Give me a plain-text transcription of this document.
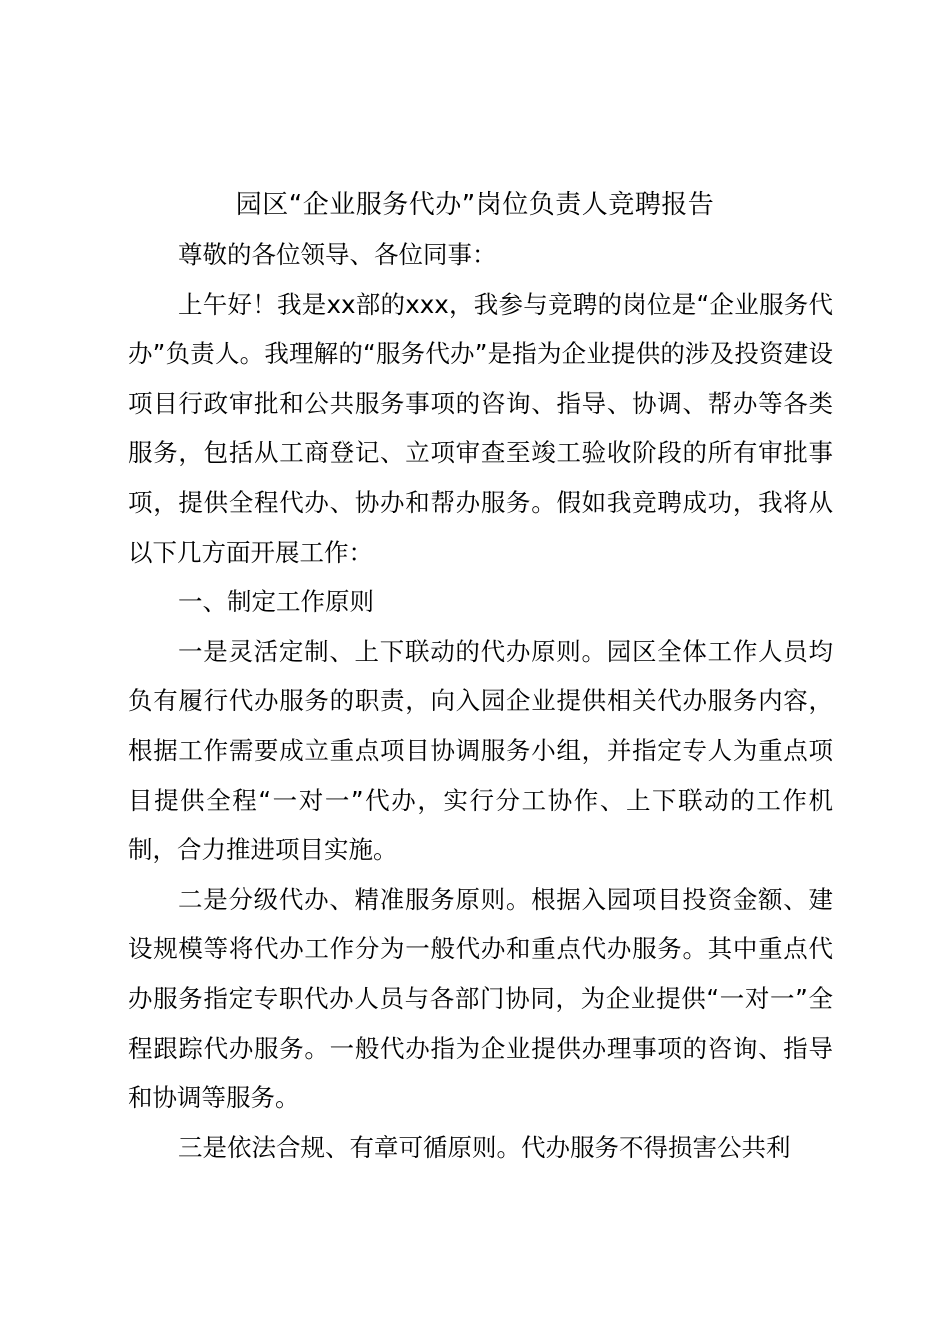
园区“企业服务代办”岗位负责人竞聘报告

尊敬的各位领导、各位同事：

上午好！我是xx部的xxx，我参与竞聘的岗位是“企业服务代办”负责人。我理解的“服务代办”是指为企业提供的涉及投资建设项目行政审批和公共服务事项的咨询、指导、协调、帮办等各类服务，包括从工商登记、立项审查至竣工验收阶段的所有审批事项，提供全程代办、协办和帮办服务。假如我竞聘成功，我将从以下几方面开展工作：

一、制定工作原则

一是灵活定制、上下联动的代办原则。园区全体工作人员均负有履行代办服务的职责，向入园企业提供相关代办服务内容，根据工作需要成立重点项目协调服务小组，并指定专人为重点项目提供全程“一对一”代办，实行分工协作、上下联动的工作机制，合力推进项目实施。

二是分级代办、精准服务原则。根据入园项目投资金额、建设规模等将代办工作分为一般代办和重点代办服务。其中重点代办服务指定专职代办人员与各部门协同，为企业提供“一对一”全程跟踪代办服务。一般代办指为企业提供办理事项的咨询、指导和协调等服务。

三是依法合规、有章可循原则。代办服务不得损害公共利
